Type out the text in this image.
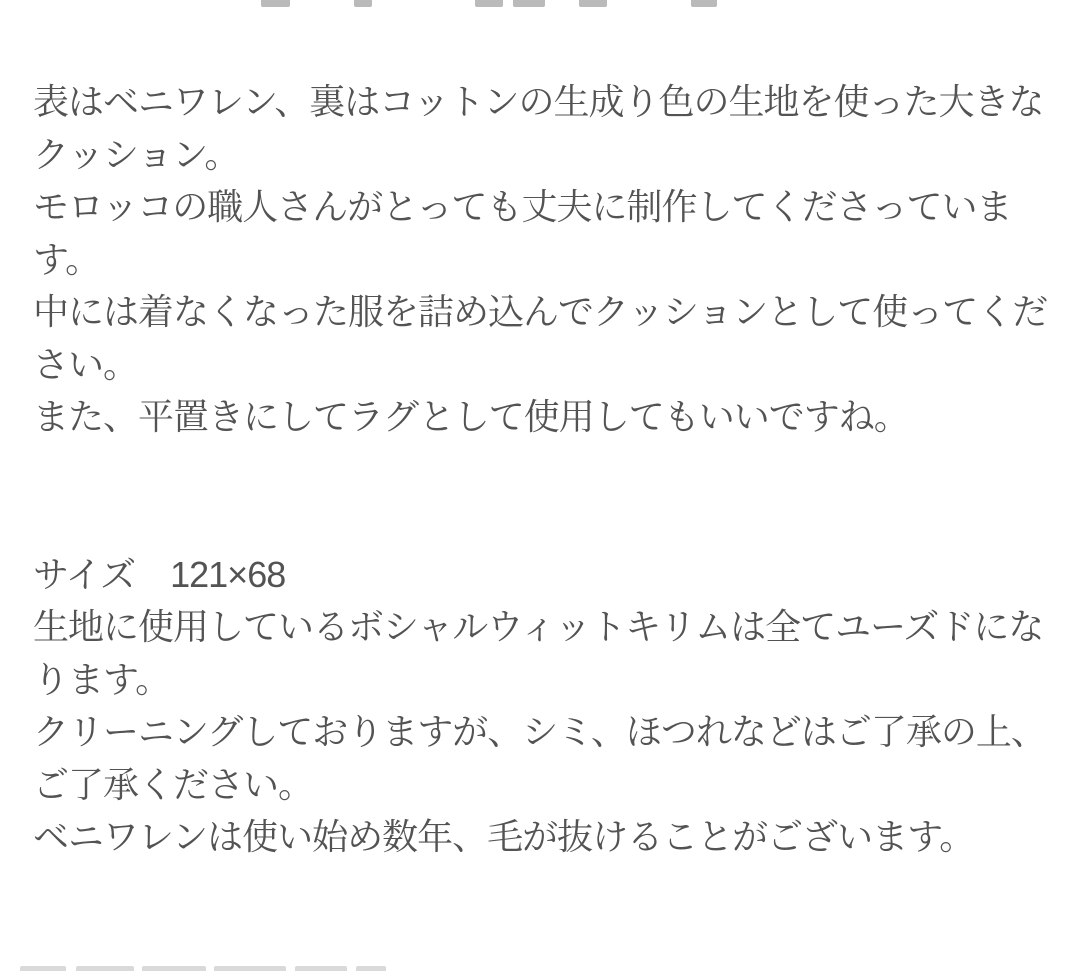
表はベニワレン、裏はコットンの生成り色の生地を使った大きな
クッション。
モロッコの職人さんがとっても丈夫に制作してくださっていま
す。
中には着なくなった服を詰め込んでクッションとして使ってくだ
さい。
また、平置きにしてラグとして使用してもいいですね。
サイズ　121×68
生地に使用しているボシャルウィットキリムは全てユーズドにな
ります。
クリーニングしておりますが、シミ、ほつれなどはご了承の上、
ご了承ください。
ベニワレンは使い始め数年、毛が抜けることがございます。
